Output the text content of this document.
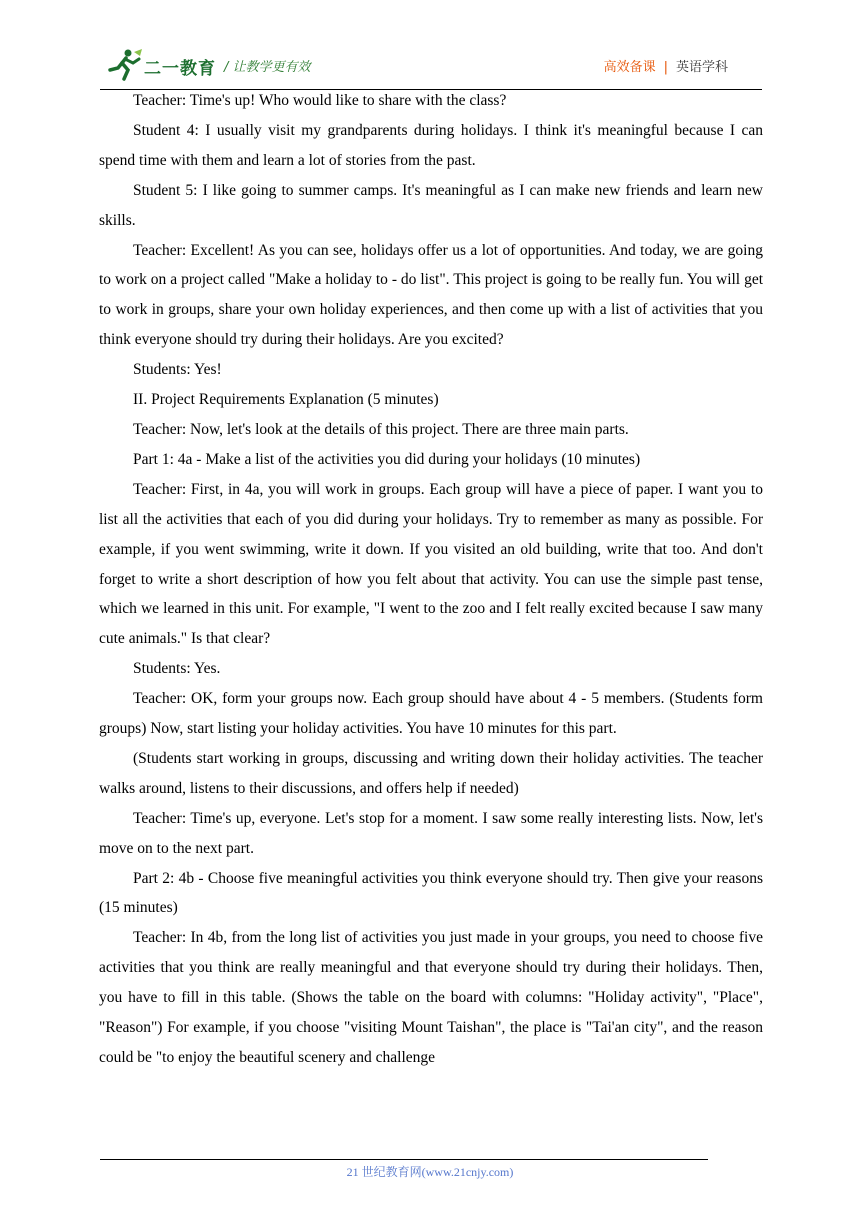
二一教育 / 让教学更有效	高效备课 | 英语学科

Teacher: Time's up! Who would like to share with the class?

Student 4: I usually visit my grandparents during holidays. I think it's meaningful because I can spend time with them and learn a lot of stories from the past.

Student 5: I like going to summer camps. It's meaningful as I can make new friends and learn new skills.

Teacher: Excellent! As you can see, holidays offer us a lot of opportunities. And today, we are going to work on a project called "Make a holiday to - do list". This project is going to be really fun. You will get to work in groups, share your own holiday experiences, and then come up with a list of activities that you think everyone should try during their holidays. Are you excited?

Students: Yes!

II. Project Requirements Explanation (5 minutes)

Teacher: Now, let's look at the details of this project. There are three main parts.

Part 1: 4a - Make a list of the activities you did during your holidays (10 minutes)

Teacher: First, in 4a, you will work in groups. Each group will have a piece of paper. I want you to list all the activities that each of you did during your holidays. Try to remember as many as possible. For example, if you went swimming, write it down. If you visited an old building, write that too. And don't forget to write a short description of how you felt about that activity. You can use the simple past tense, which we learned in this unit. For example, "I went to the zoo and I felt really excited because I saw many cute animals." Is that clear?

Students: Yes.

Teacher: OK, form your groups now. Each group should have about 4 - 5 members. (Students form groups) Now, start listing your holiday activities. You have 10 minutes for this part.

(Students start working in groups, discussing and writing down their holiday activities. The teacher walks around, listens to their discussions, and offers help if needed)

Teacher: Time's up, everyone. Let's stop for a moment. I saw some really interesting lists. Now, let's move on to the next part.

Part 2: 4b - Choose five meaningful activities you think everyone should try. Then give your reasons (15 minutes)

Teacher: In 4b, from the long list of activities you just made in your groups, you need to choose five activities that you think are really meaningful and that everyone should try during their holidays. Then, you have to fill in this table. (Shows the table on the board with columns: "Holiday activity", "Place", "Reason") For example, if you choose "visiting Mount Taishan", the place is "Tai'an city", and the reason could be "to enjoy the beautiful scenery and challenge

21 世纪教育网(www.21cnjy.com)
